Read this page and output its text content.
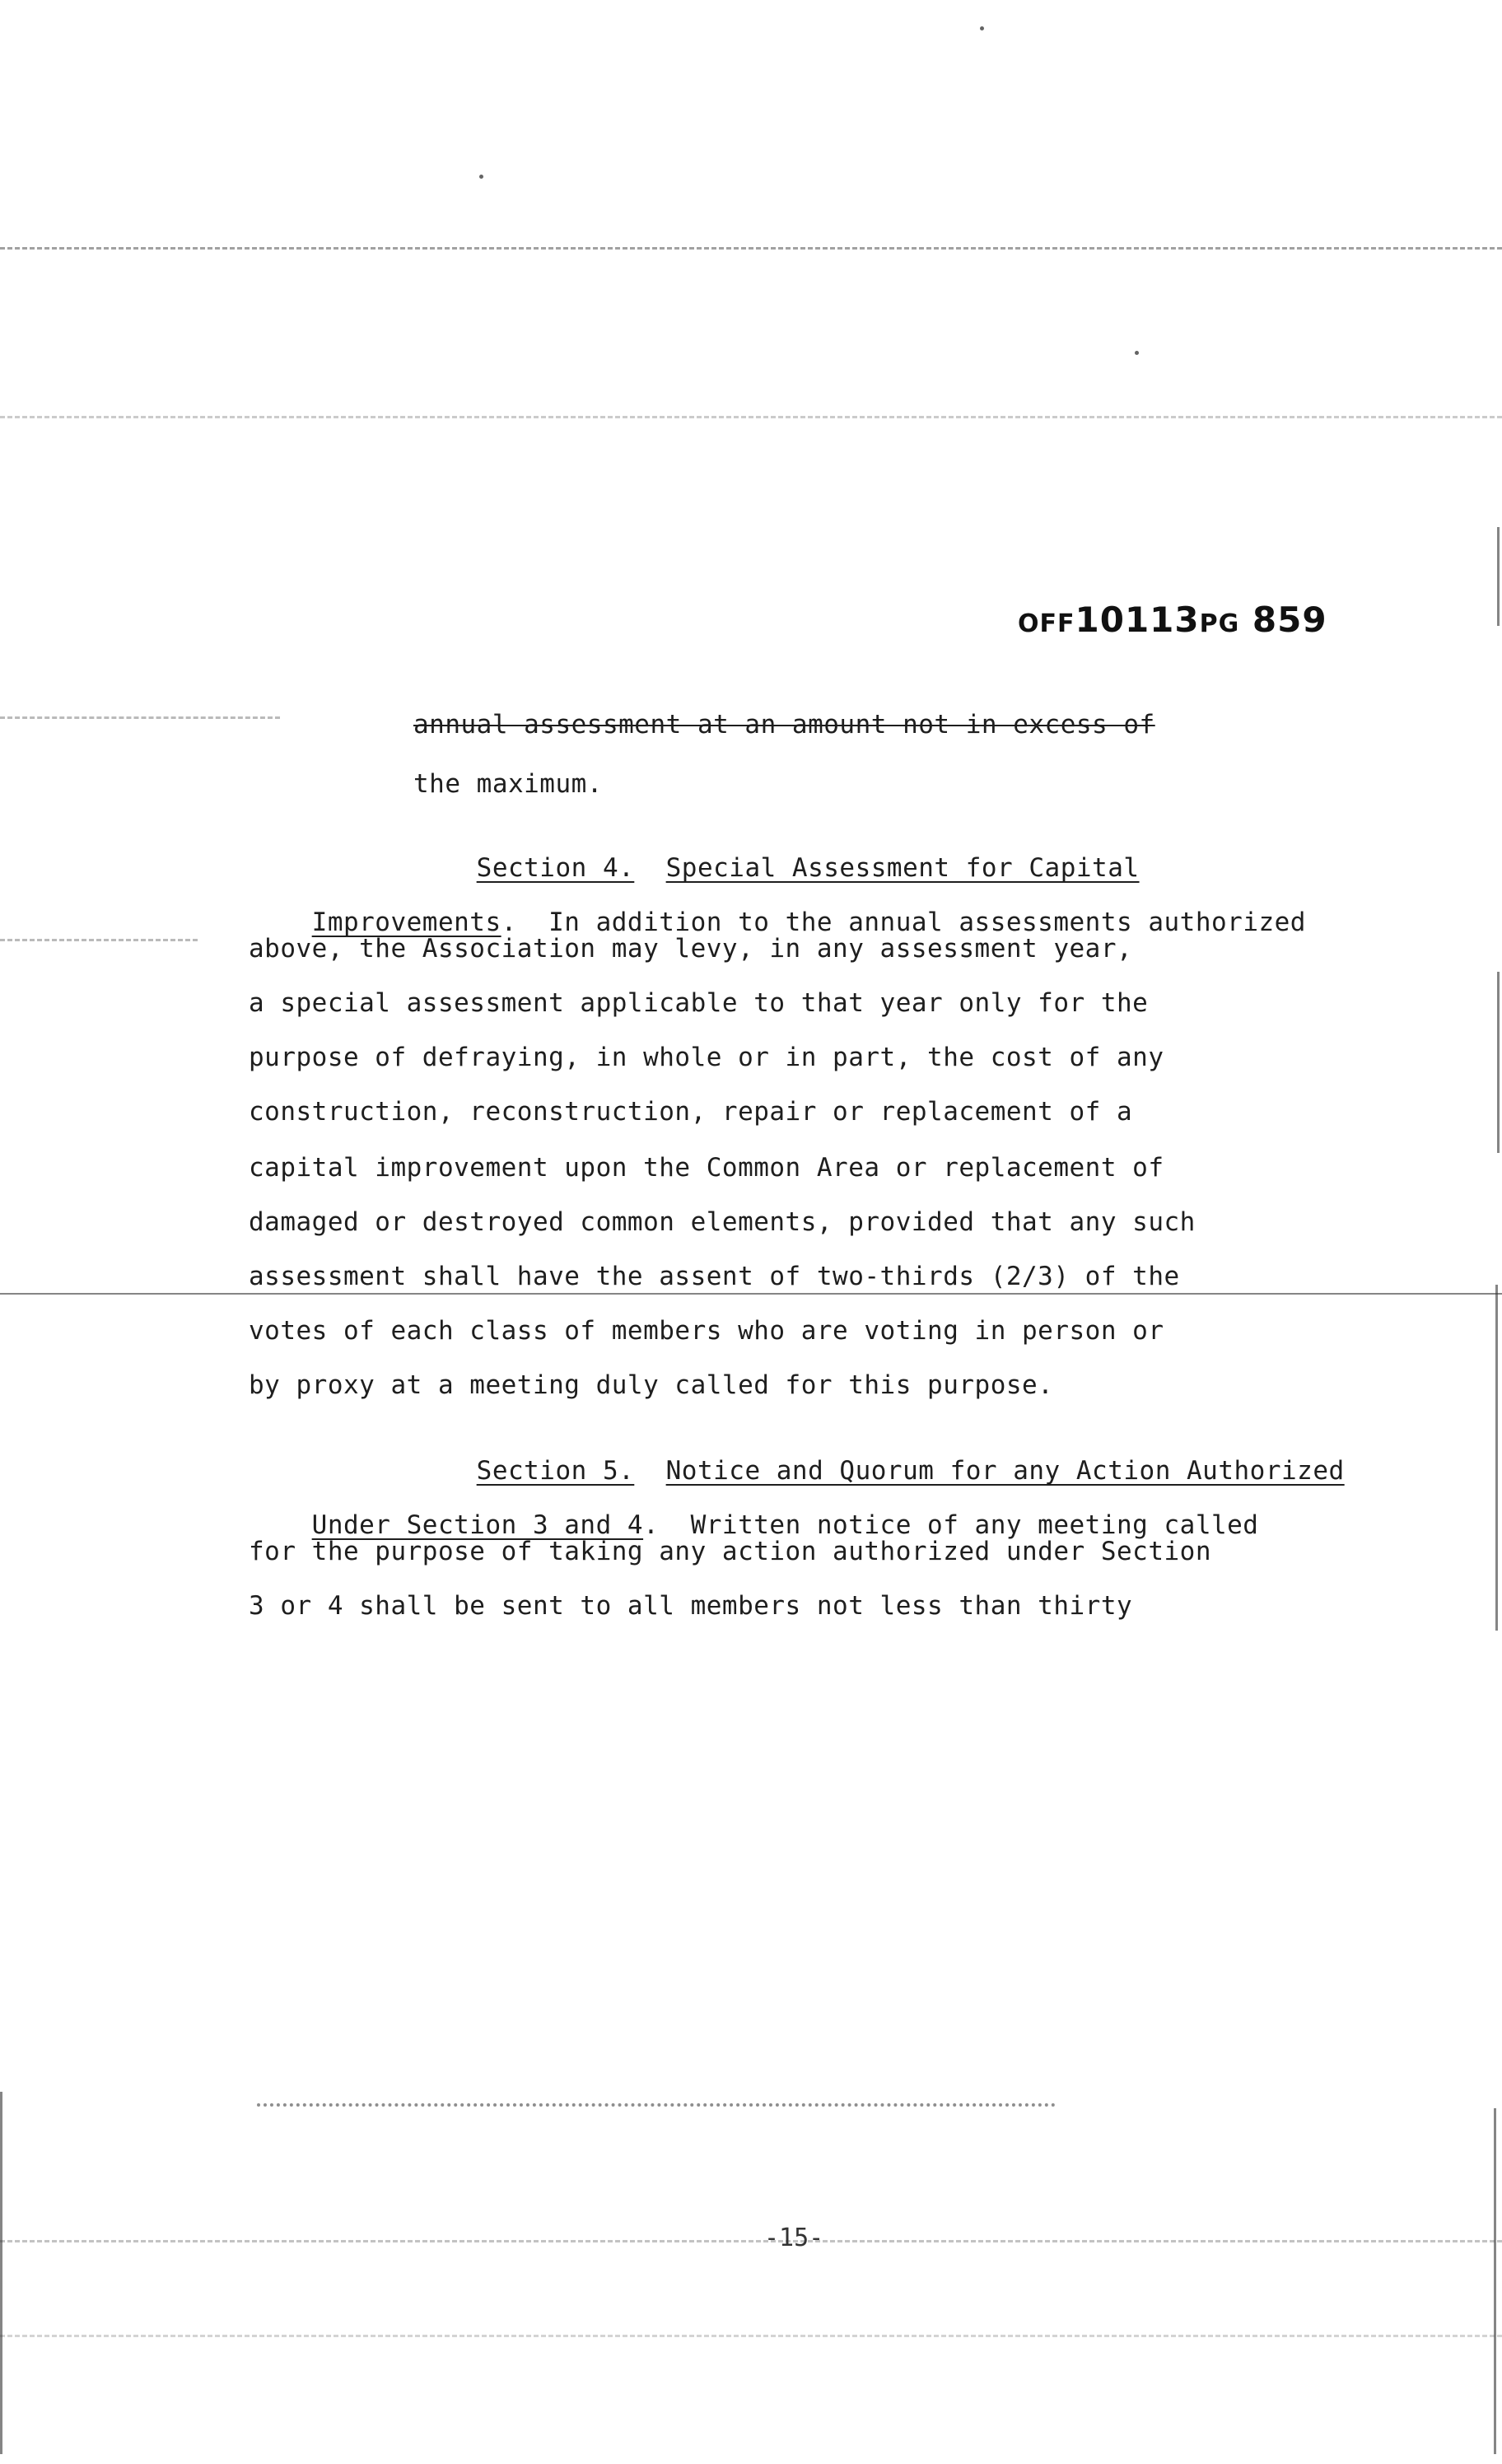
OFF10113PG 859
annual assessment at an amount not in excess of
the maximum.

Section 4. Special Assessment for Capital

Improvements.  In addition to the annual assessments authorized

above, the Association may levy, in any assessment year,
a special assessment applicable to that year only for the
purpose of defraying, in whole or in part, the cost of any
construction, reconstruction, repair or replacement of a
capital improvement upon the Common Area or replacement of
damaged or destroyed common elements, provided that any such
assessment shall have the assent of two-thirds (2/3) of the
votes of each class of members who are voting in person or
by proxy at a meeting duly called for this purpose.

Section 5. Notice and Quorum for any Action Authorized

Under Section 3 and 4.  Written notice of any meeting called

for the purpose of taking any action authorized under Section
3 or 4 shall be sent to all members not less than thirty
-15-
